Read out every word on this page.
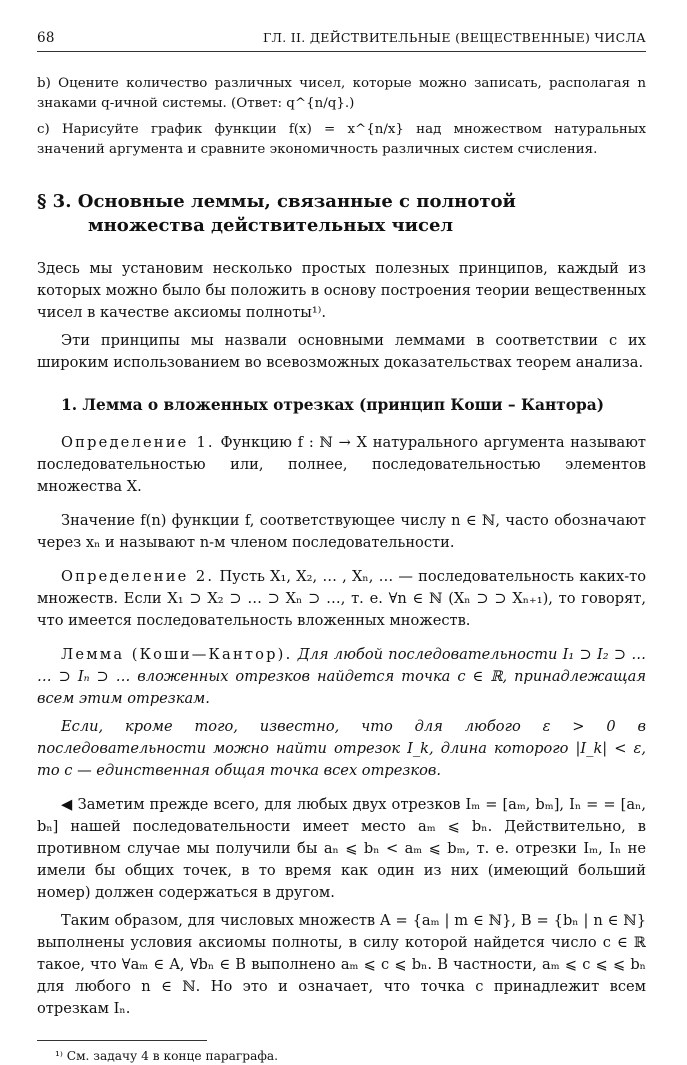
68	ГЛ. II. ДЕЙСТВИТЕЛЬНЫЕ (ВЕЩЕСТВЕННЫЕ) ЧИСЛА

b) Оцените количество различных чисел, которые можно записать, располагая n знаками q-ичной системы. (Ответ: q^{n/q}.)

c) Нарисуйте график функции f(x) = x^{n/x} над множеством натуральных значений аргумента и сравните экономичность различных систем счисления.

§ 3. Основные леммы, связанные с полнотой
множества действительных чисел

Здесь мы установим несколько простых полезных принципов, каждый из которых можно было бы положить в основу построения теории вещественных чисел в качестве аксиомы полноты¹⁾.

Эти принципы мы назвали основными леммами в соответствии с их широким использованием во всевозможных доказательствах теорем анализа.

1. Лемма о вложенных отрезках (принцип Коши – Кантора)

Определение 1. Функцию f : ℕ → X натурального аргумента называют последовательностью или, полнее, последовательностью элементов множества X.

Значение f(n) функции f, соответствующее числу n ∈ ℕ, часто обозначают через xₙ и называют n-м членом последовательности.

Определение 2. Пусть X₁, X₂, … , Xₙ, … — последовательность каких-то множеств. Если X₁ ⊃ X₂ ⊃ … ⊃ Xₙ ⊃ …, т. е. ∀n ∈ ℕ (Xₙ ⊃ ⊃ Xₙ₊₁), то говорят, что имеется последовательность вложенных множеств.

Лемма (Коши—Кантор). Для любой последовательности I₁ ⊃ I₂ ⊃ … … ⊃ Iₙ ⊃ … вложенных отрезков найдется точка c ∈ ℝ, принадлежащая всем этим отрезкам.

Если, кроме того, известно, что для любого ε > 0 в последовательности можно найти отрезок I_k, длина которого |I_k| < ε, то c — единственная общая точка всех отрезков.

◀ Заметим прежде всего, для любых двух отрезков Iₘ = [aₘ, bₘ], Iₙ = = [aₙ, bₙ] нашей последовательности имеет место aₘ ⩽ bₙ. Действительно, в противном случае мы получили бы aₙ ⩽ bₙ < aₘ ⩽ bₘ, т. е. отрезки Iₘ, Iₙ не имели бы общих точек, в то время как один из них (имеющий больший номер) должен содержаться в другом.

Таким образом, для числовых множеств A = {aₘ | m ∈ ℕ}, B = {bₙ | n ∈ ℕ} выполнены условия аксиомы полноты, в силу которой найдется число c ∈ ℝ такое, что ∀aₘ ∈ A, ∀bₙ ∈ B выполнено aₘ ⩽ c ⩽ bₙ. В частности, aₘ ⩽ c ⩽ ⩽ bₙ для любого n ∈ ℕ. Но это и означает, что точка c принадлежит всем отрезкам Iₙ.

¹⁾ См. задачу 4 в конце параграфа.
